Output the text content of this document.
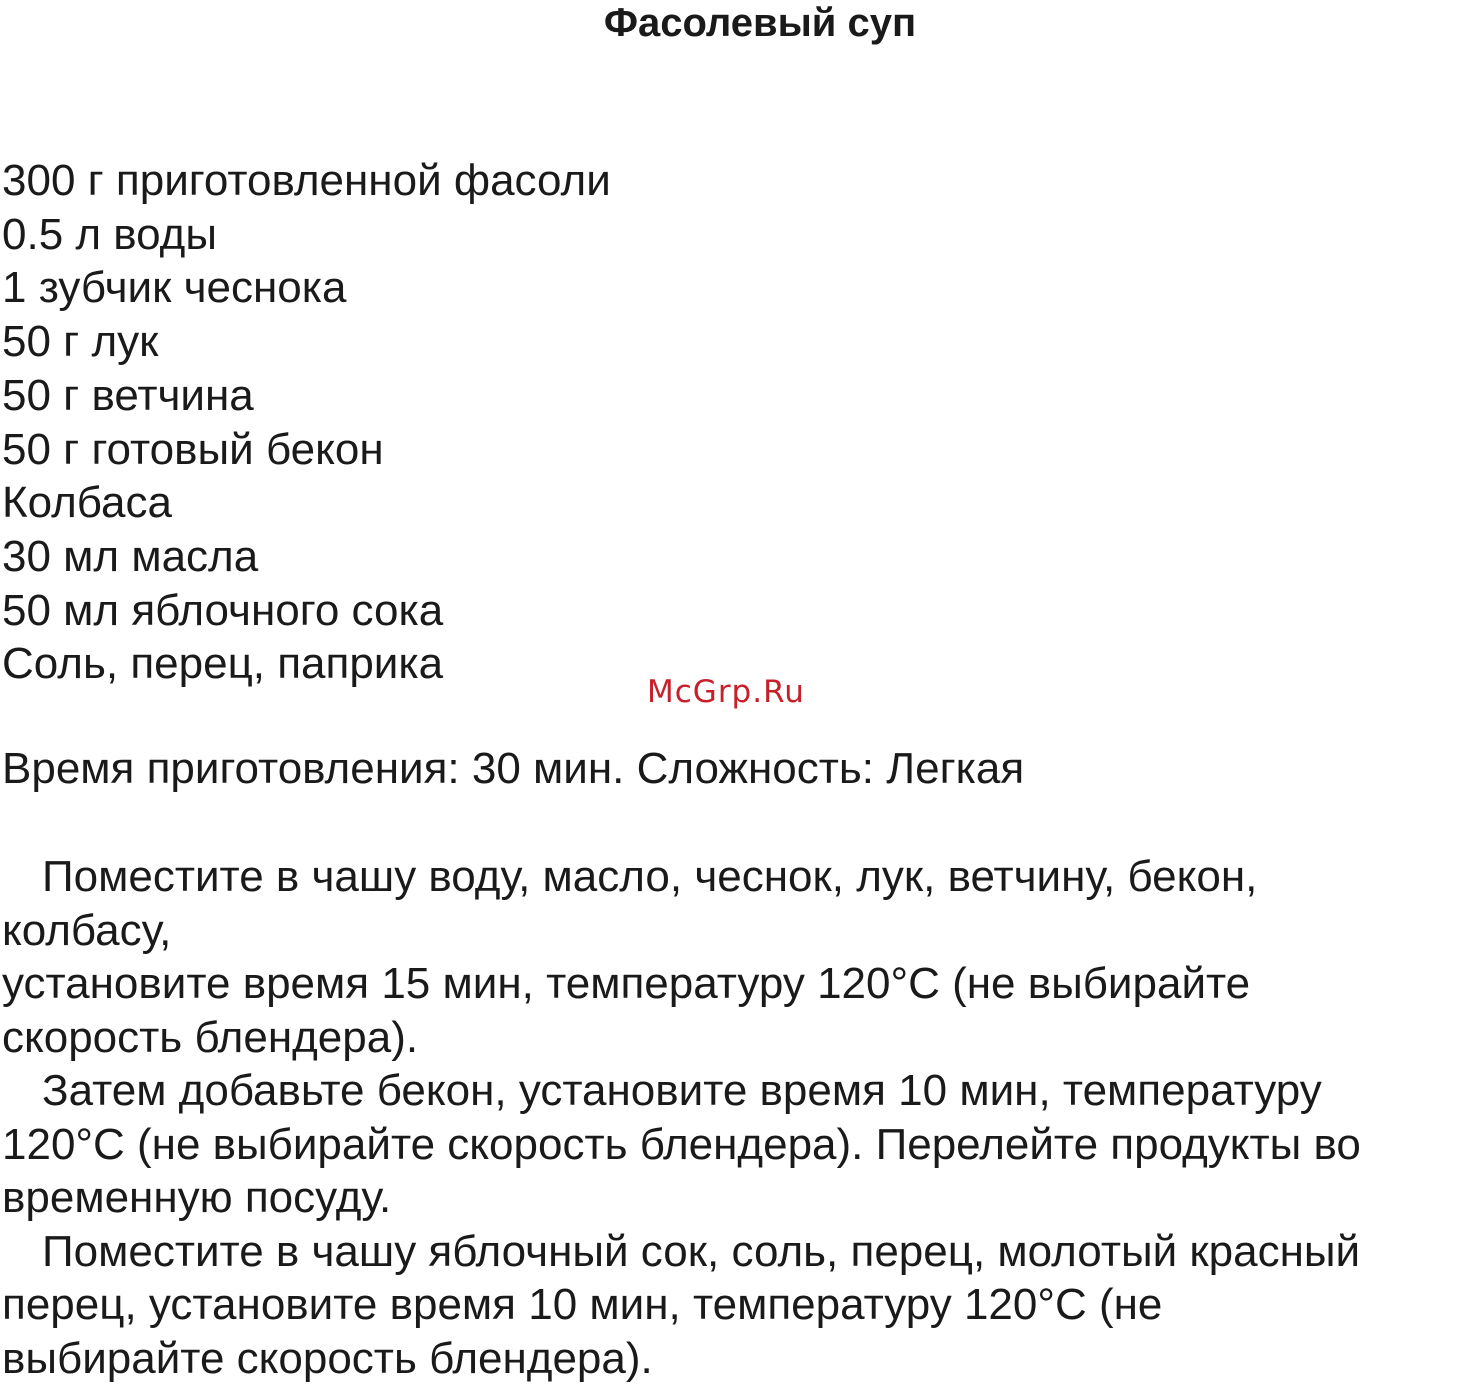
Фасолевый суп
300 г приготовленной фасоли
0.5 л воды
1 зубчик чеснока
50 г лук
50 г ветчина
50 г готовый бекон
Колбаса
30 мл масла
50 мл яблочного сока
Соль, перец, паприка
McGrp.Ru
Время приготовления: 30 мин. Сложность: Легкая
Поместите в чашу воду, масло, чеснок, лук, ветчину, бекон,
колбасу,
установите время 15 мин, температуру 120°С (не выбирайте
скорость блендера).
Затем добавьте бекон, установите время 10 мин, температуру
120°С (не выбирайте скорость блендера). Перелейте продукты во
временную посуду.
Поместите в чашу яблочный сок, соль, перец, молотый красный
перец, установите время 10 мин, температуру 120°С (не
выбирайте скорость блендера).
